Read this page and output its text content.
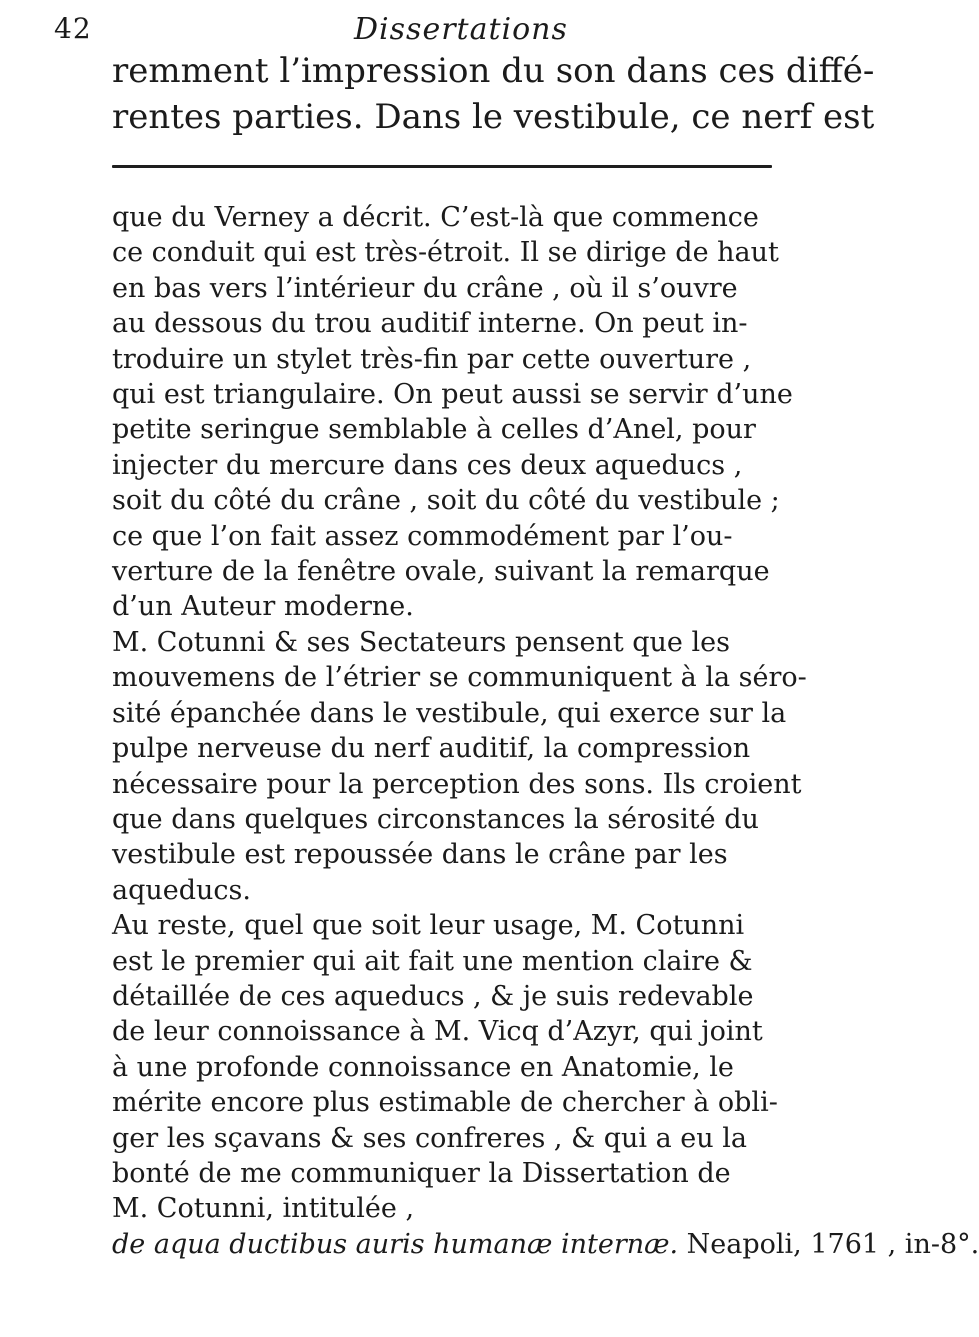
42	Dissertations
remment l’impression du son dans ces diffé-
rentes parties. Dans le vestibule, ce nerf est
que du Verney a décrit. C’est-là que commence
ce conduit qui est très-étroit. Il se dirige de haut
en bas vers l’intérieur du crâne , où il s’ouvre
au dessous du trou auditif interne. On peut in-
troduire un stylet très-fin par cette ouverture ,
qui est triangulaire. On peut aussi se servir d’une
petite seringue semblable à celles d’Anel, pour
injecter du mercure dans ces deux aqueducs ,
soit du côté du crâne , soit du côté du vestibule ;
ce que l’on fait assez commodément par l’ou-
verture de la fenêtre ovale, suivant la remarque
d’un Auteur moderne.
M. Cotunni & ses Sectateurs pensent que les
mouvemens de l’étrier se communiquent à la séro-
sité épanchée dans le vestibule, qui exerce sur la
pulpe nerveuse du nerf auditif, la compression
nécessaire pour la perception des sons. Ils croient
que dans quelques circonstances la sérosité du
vestibule est repoussée dans le crâne par les
aqueducs.
Au reste, quel que soit leur usage, M. Cotunni
est le premier qui ait fait une mention claire &
détaillée de ces aqueducs , & je suis redevable
de leur connoissance à M. Vicq d’Azyr, qui joint
à une profonde connoissance en Anatomie, le
mérite encore plus estimable de chercher à obli-
ger les sçavans & ses confreres , & qui a eu la
bonté de me communiquer la Dissertation de
M. Cotunni, intitulée ,
de aqua ductibus auris humanæ internæ. Neapoli, 1761 , in-8°.
